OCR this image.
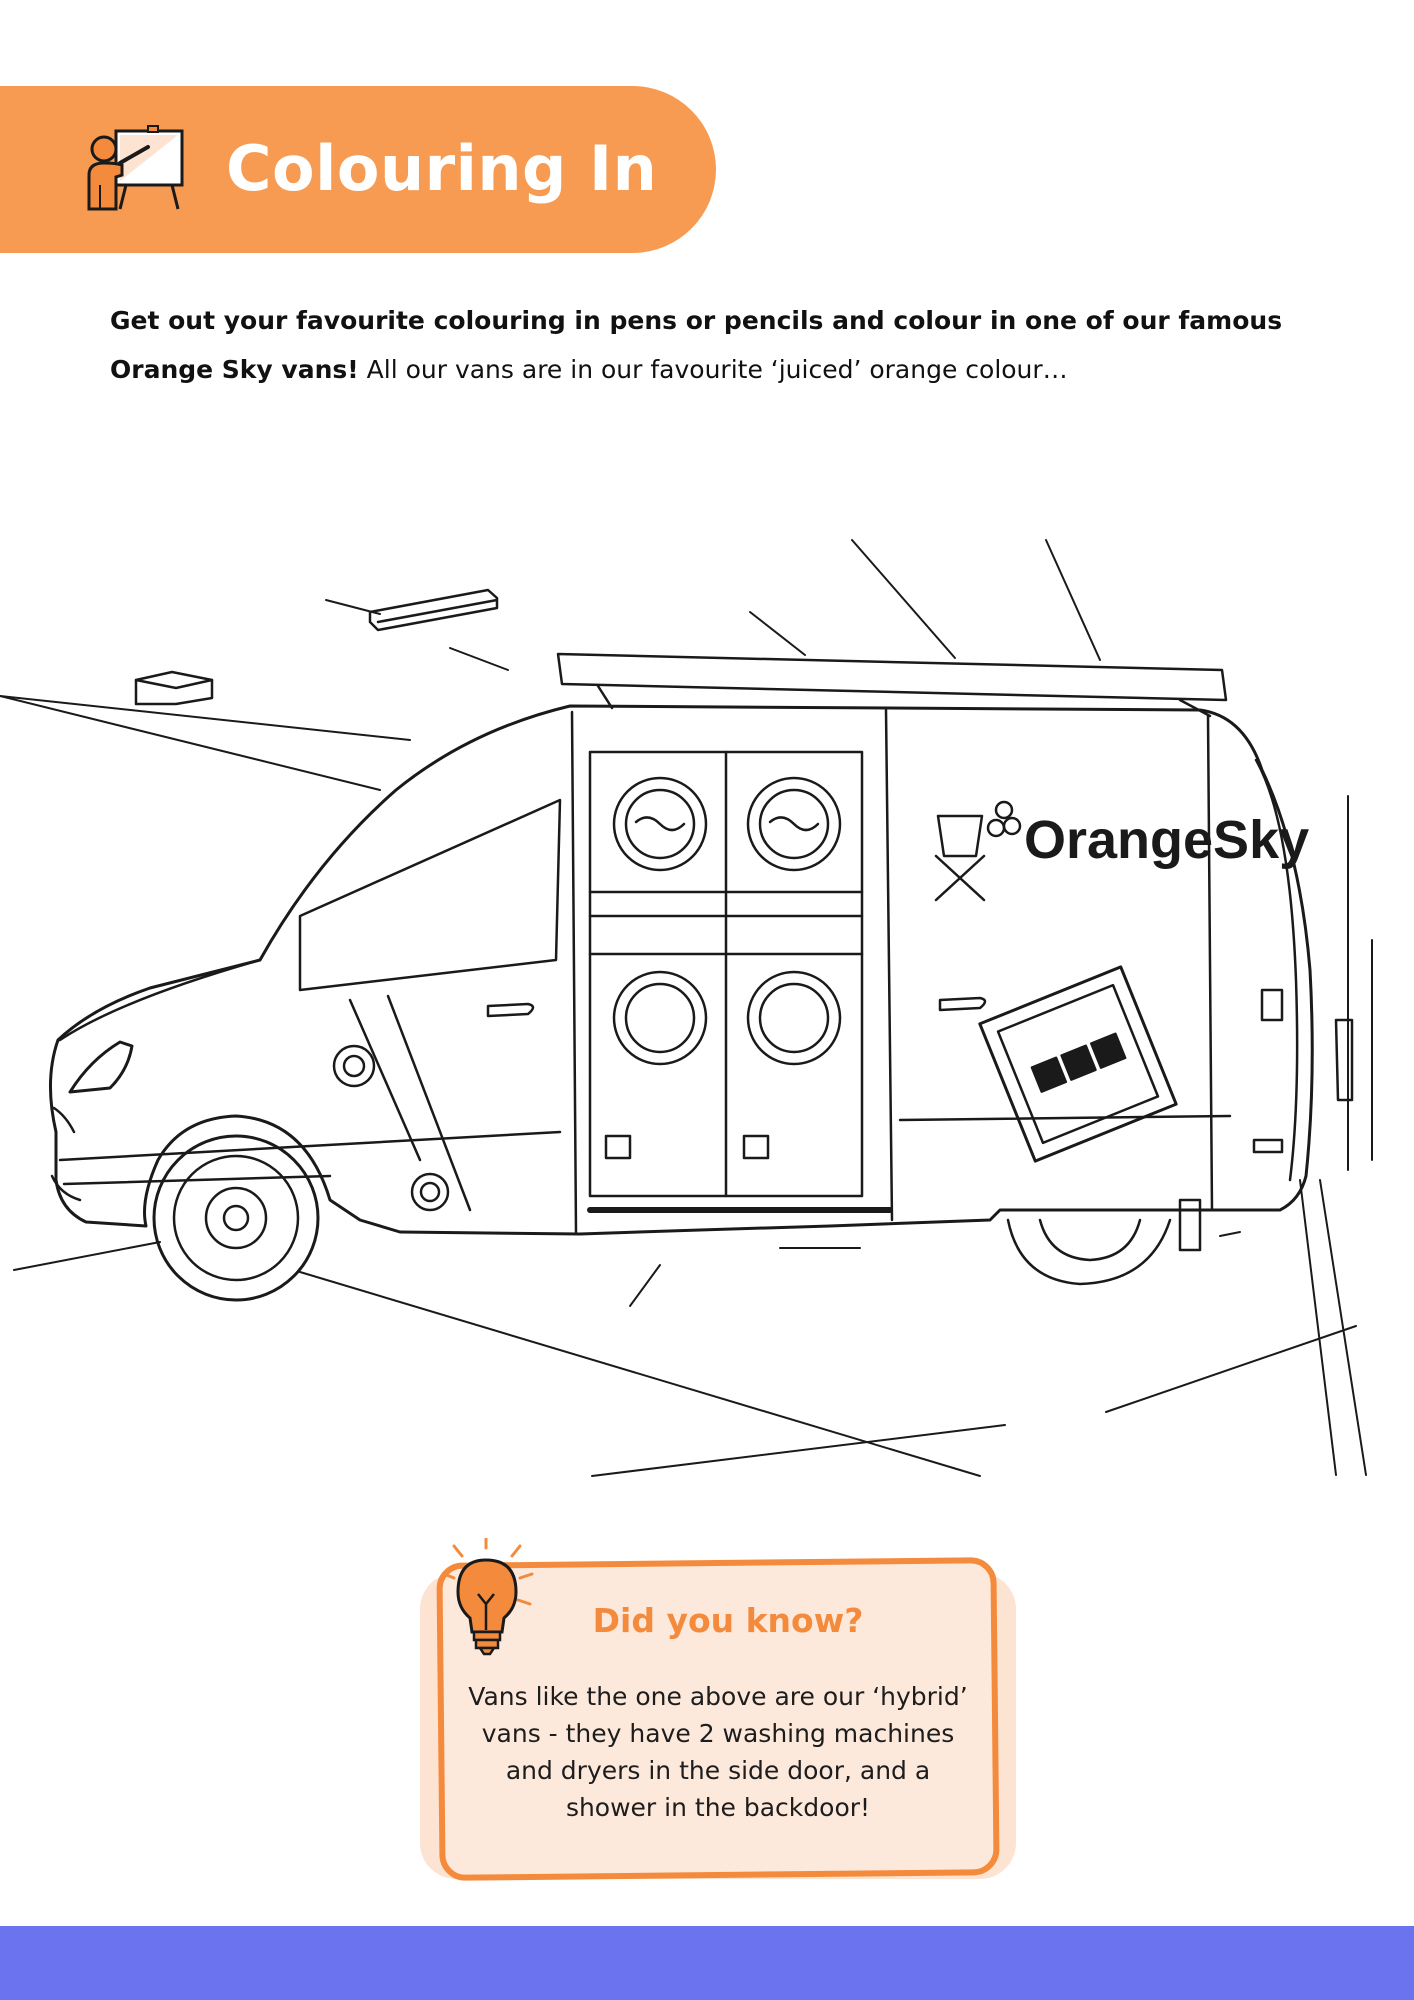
Colouring In

Get out your favourite colouring in pens or pencils and colour in one of our famous Orange Sky vans! All our vans are in our favourite ‘juiced’ orange colour…

OrangeSky
Did you know?

Vans like the one above are our ‘hybrid’ vans - they have 2 washing machines and dryers in the side door, and a shower in the backdoor!
